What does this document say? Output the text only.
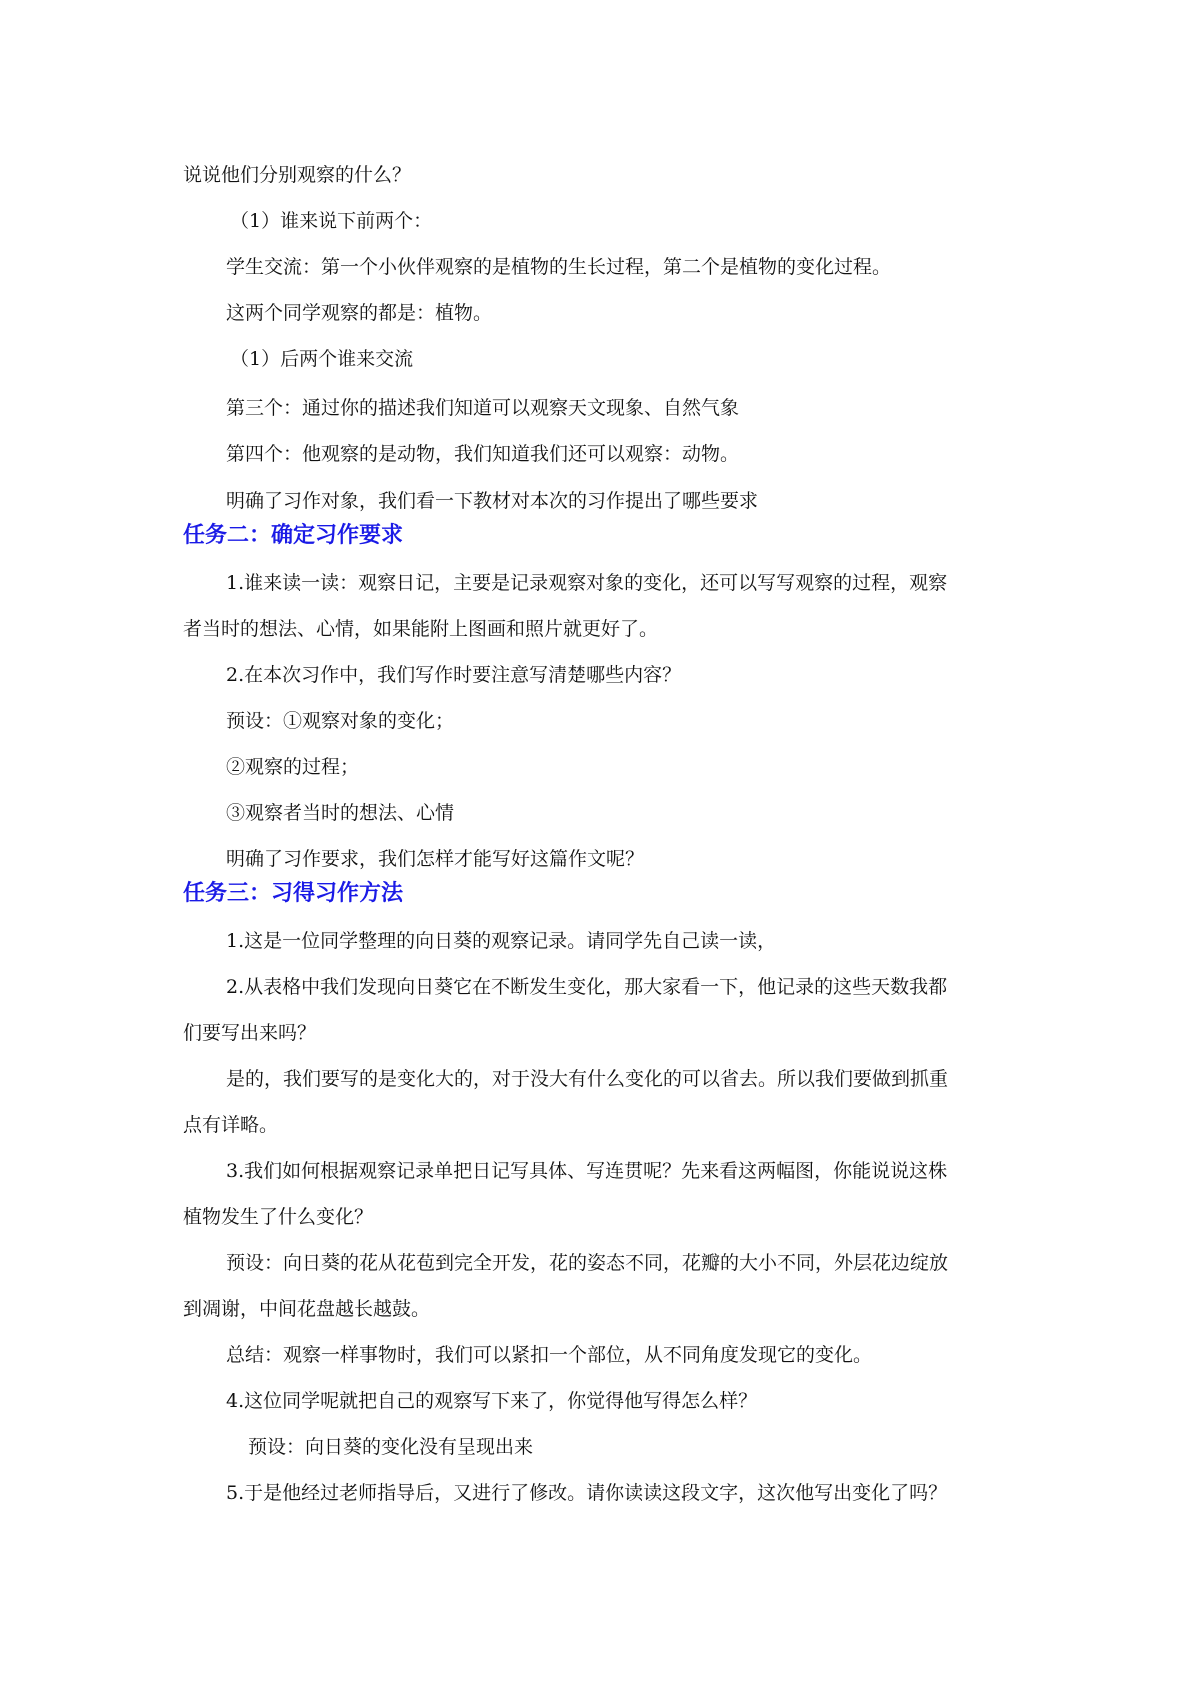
说说他们分别观察的什么？
（1）谁来说下前两个：
学生交流：第一个小伙伴观察的是植物的生长过程，第二个是植物的变化过程。
这两个同学观察的都是：植物。
（1）后两个谁来交流
第三个：通过你的描述我们知道可以观察天文现象、自然气象
第四个：他观察的是动物，我们知道我们还可以观察：动物。
明确了习作对象，我们看一下教材对本次的习作提出了哪些要求
任务二：确定习作要求
1.谁来读一读：观察日记，主要是记录观察对象的变化，还可以写写观察的过程，观察
者当时的想法、心情，如果能附上图画和照片就更好了。
2.在本次习作中，我们写作时要注意写清楚哪些内容？
预设：①观察对象的变化；
②观察的过程；
③观察者当时的想法、心情
明确了习作要求，我们怎样才能写好这篇作文呢？
任务三：习得习作方法
1.这是一位同学整理的向日葵的观察记录。请同学先自己读一读，
2.从表格中我们发现向日葵它在不断发生变化，那大家看一下，他记录的这些天数我都
们要写出来吗？
是的，我们要写的是变化大的，对于没大有什么变化的可以省去。所以我们要做到抓重
点有详略。
3.我们如何根据观察记录单把日记写具体、写连贯呢？先来看这两幅图，你能说说这株
植物发生了什么变化？
预设：向日葵的花从花苞到完全开发，花的姿态不同，花瓣的大小不同，外层花边绽放
到凋谢，中间花盘越长越鼓。
总结：观察一样事物时，我们可以紧扣一个部位，从不同角度发现它的变化。
4.这位同学呢就把自己的观察写下来了，你觉得他写得怎么样？
预设：向日葵的变化没有呈现出来
5.于是他经过老师指导后，又进行了修改。请你读读这段文字，这次他写出变化了吗？
